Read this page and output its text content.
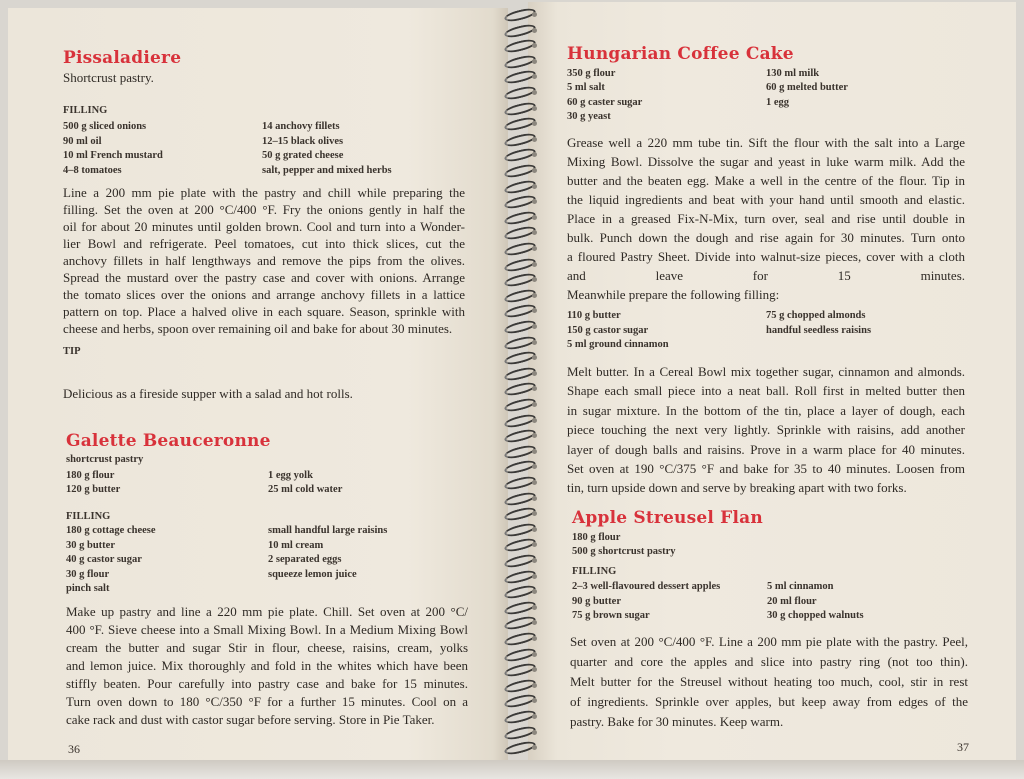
Pissaladiere
Shortcrust pastry.
FILLING
500 g sliced onions
90 ml oil
10 ml French mustard
4–8 tomatoes
14 anchovy fillets
12–15 black olives
50 g grated cheese
salt, pepper and mixed herbs
Line a 200 mm pie plate with the pastry and chill while preparing the
filling. Set the oven at 200 °C/400 °F. Fry the onions gently in half the
oil for about 20 minutes until golden brown. Cool and turn into a Wonder-
lier Bowl and refrigerate. Peel tomatoes, cut into thick slices, cut the
anchovy fillets in half lengthways and remove the pips from the olives.
Spread the mustard over the pastry case and cover with onions. Arrange
the tomato slices over the onions and arrange anchovy fillets in a lattice
pattern on top. Place a halved olive in each square. Season, sprinkle with
cheese and herbs, spoon over remaining oil and bake for about 30 minutes.
TIP
Delicious as a fireside supper with a salad and hot rolls.
Galette Beauceronne
shortcrust pastry
180 g flour
120 g butter
1 egg yolk
25 ml cold water
FILLING
180 g cottage cheese
30 g butter
40 g castor sugar
30 g flour
pinch salt
small handful large raisins
10 ml cream
2 separated eggs
squeeze lemon juice
Make up pastry and line a 220 mm pie plate. Chill. Set oven at 200 °C/
400 °F. Sieve cheese into a Small Mixing Bowl. In a Medium Mixing Bowl
cream the butter and sugar Stir in flour, cheese, raisins, cream, yolks
and lemon juice. Mix thoroughly and fold in the whites which have been
stiffly beaten. Pour carefully into pastry case and bake for 15 minutes.
Turn oven down to 180 °C/350 °F for a further 15 minutes. Cool on a
cake rack and dust with castor sugar before serving. Store in Pie Taker.
36
Hungarian Coffee Cake
350 g flour
5 ml salt
60 g caster sugar
30 g yeast
130 ml milk
60 g melted butter
1 egg
Grease well a 220 mm tube tin. Sift the flour with the salt into a Large
Mixing Bowl. Dissolve the sugar and yeast in luke warm milk. Add the
butter and the beaten egg. Make a well in the centre of the flour. Tip in
the liquid ingredients and beat with your hand until smooth and elastic.
Place in a greased Fix-N-Mix, turn over, seal and rise until double in
bulk. Punch down the dough and rise again for 30 minutes. Turn onto
a floured Pastry Sheet. Divide into walnut-size pieces, cover with a cloth
and leave for 15 minutes.
Meanwhile prepare the following filling:
110 g butter
150 g castor sugar
5 ml ground cinnamon
75 g chopped almonds
handful seedless raisins
Melt butter. In a Cereal Bowl mix together sugar, cinnamon and almonds.
Shape each small piece into a neat ball. Roll first in melted butter then
in sugar mixture. In the bottom of the tin, place a layer of dough, each
piece touching the next very lightly. Sprinkle with raisins, add another
layer of dough balls and raisins. Prove in a warm place for 40 minutes.
Set oven at 190 °C/375 °F and bake for 35 to 40 minutes. Loosen from
tin, turn upside down and serve by breaking apart with two forks.
Apple Streusel Flan
180 g flour
500 g shortcrust pastry
FILLING
2–3 well-flavoured dessert apples
90 g butter
75 g brown sugar
5 ml cinnamon
20 ml flour
30 g chopped walnuts
Set oven at 200 °C/400 °F. Line a 200 mm pie plate with the pastry. Peel,
quarter and core the apples and slice into pastry ring (not too thin).
Melt butter for the Streusel without heating too much, cool, stir in rest
of ingredients. Sprinkle over apples, but keep away from edges of the
pastry. Bake for 30 minutes. Keep warm.
37
